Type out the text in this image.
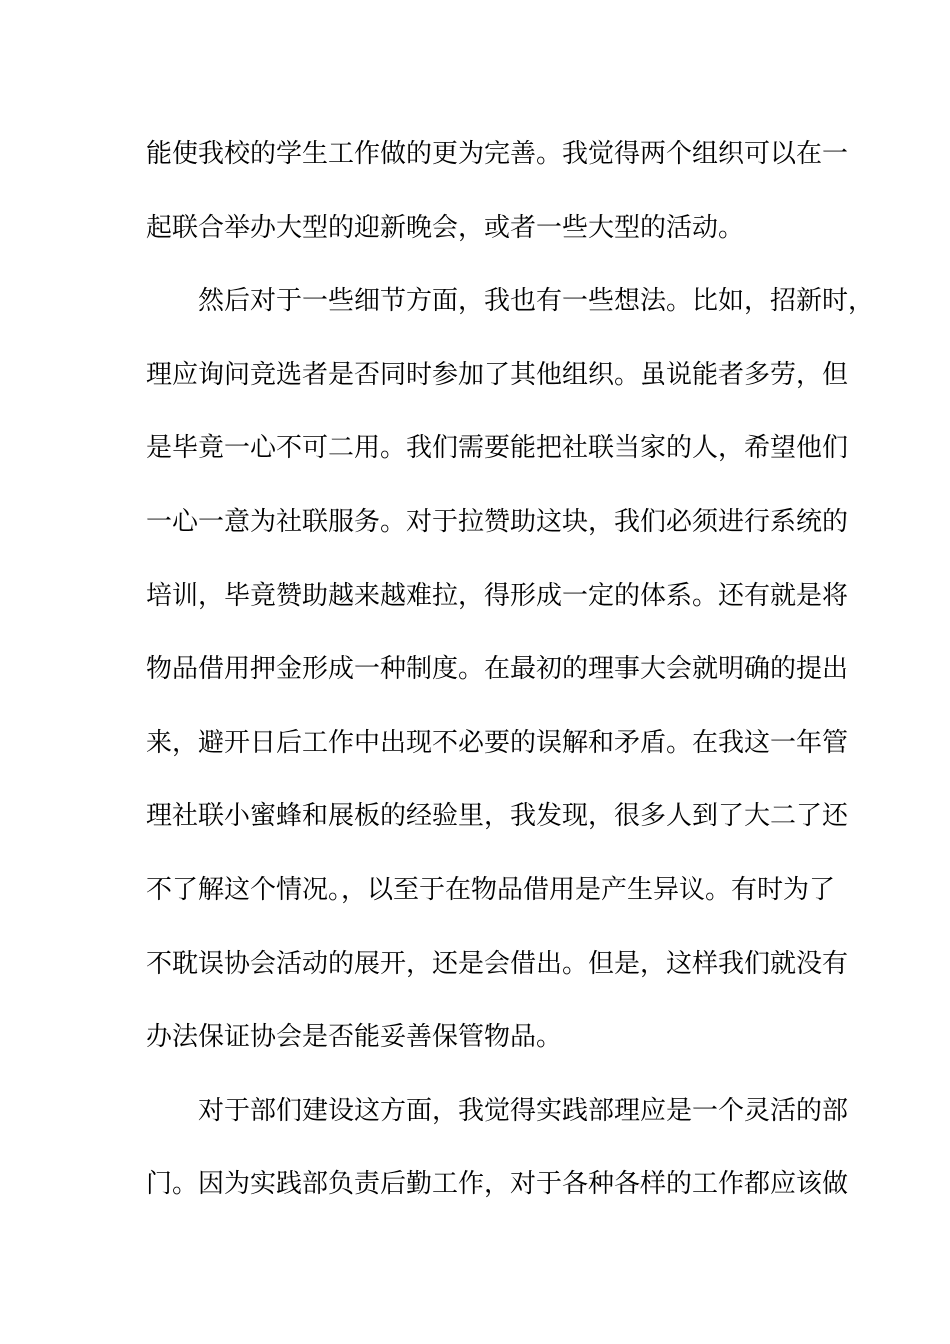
能使我校的学生工作做的更为完善。我觉得两个组织可以在一
起联合举办大型的迎新晚会，或者一些大型的活动。
　　然后对于一些细节方面，我也有一些想法。比如，招新时，
理应询问竞选者是否同时参加了其他组织。虽说能者多劳，但
是毕竟一心不可二用。我们需要能把社联当家的人，希望他们
一心一意为社联服务。对于拉赞助这块，我们必须进行系统的
培训，毕竟赞助越来越难拉，得形成一定的体系。还有就是将
物品借用押金形成一种制度。在最初的理事大会就明确的提出
来，避开日后工作中出现不必要的误解和矛盾。在我这一年管
理社联小蜜蜂和展板的经验里，我发现，很多人到了大二了还
不了解这个情况。，以至于在物品借用是产生异议。有时为了
不耽误协会活动的展开，还是会借出。但是，这样我们就没有
办法保证协会是否能妥善保管物品。
　　对于部们建设这方面，我觉得实践部理应是一个灵活的部
门。因为实践部负责后勤工作，对于各种各样的工作都应该做
